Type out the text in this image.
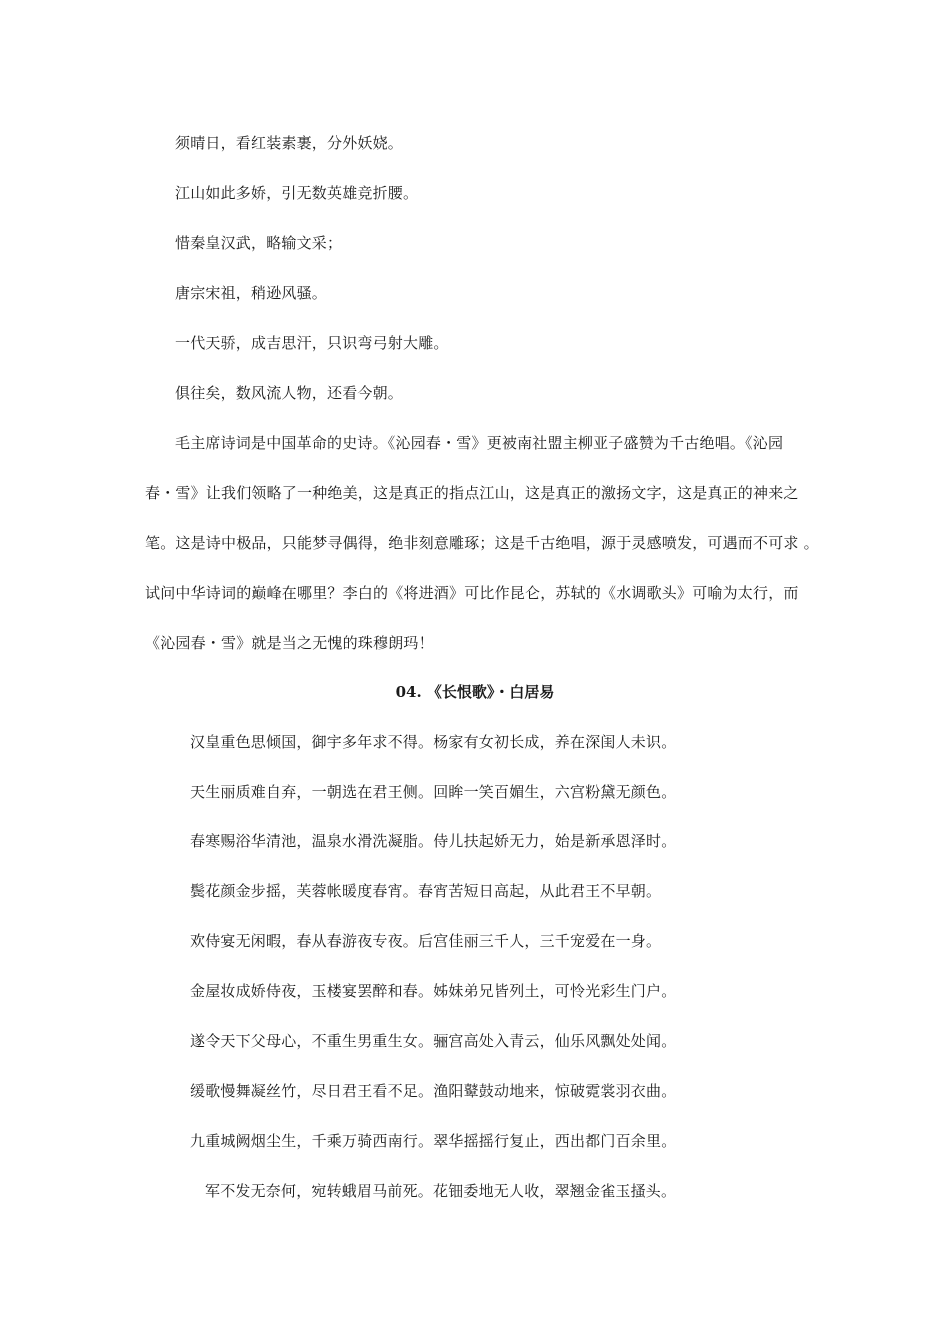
须晴日，看红装素裹，分外妖娆。
江山如此多娇，引无数英雄竞折腰。
惜秦皇汉武，略输文采；
唐宗宋祖，稍逊风骚。
一代天骄，成吉思汗，只识弯弓射大雕。
俱往矣，数风流人物，还看今朝。
毛主席诗词是中国革命的史诗。《沁园春・雪》更被南社盟主柳亚子盛赞为千古绝唱。《沁园
春・雪》让我们领略了一种绝美，这是真正的指点江山，这是真正的激扬文字，这是真正的神来之
笔。这是诗中极品，只能梦寻偶得，绝非刻意雕琢；这是千古绝唱，源于灵感喷发，可遇而不可求 。
试问中华诗词的巅峰在哪里？李白的《将进酒》可比作昆仑，苏轼的《水调歌头》可喻为太行，而
《沁园春・雪》就是当之无愧的珠穆朗玛！
04. 《长恨歌》・白居易
汉皇重色思倾国，御宇多年求不得。杨家有女初长成，养在深闺人未识。
天生丽质难自弃，一朝选在君王侧。回眸一笑百媚生，六宫粉黛无颜色。
春寒赐浴华清池，温泉水滑洗凝脂。侍儿扶起娇无力，始是新承恩泽时。
鬓花颜金步摇，芙蓉帐暖度春宵。春宵苦短日高起，从此君王不早朝。
欢侍宴无闲暇，春从春游夜专夜。后宫佳丽三千人，三千宠爱在一身。
金屋妆成娇侍夜，玉楼宴罢醉和春。姊妹弟兄皆列土，可怜光彩生门户。
遂令天下父母心，不重生男重生女。骊宫高处入青云，仙乐风飘处处闻。
缓歌慢舞凝丝竹，尽日君王看不足。渔阳鼙鼓动地来，惊破霓裳羽衣曲。
九重城阙烟尘生，千乘万骑西南行。翠华摇摇行复止，西出都门百余里。
军不发无奈何，宛转蛾眉马前死。花钿委地无人收，翠翘金雀玉搔头。
